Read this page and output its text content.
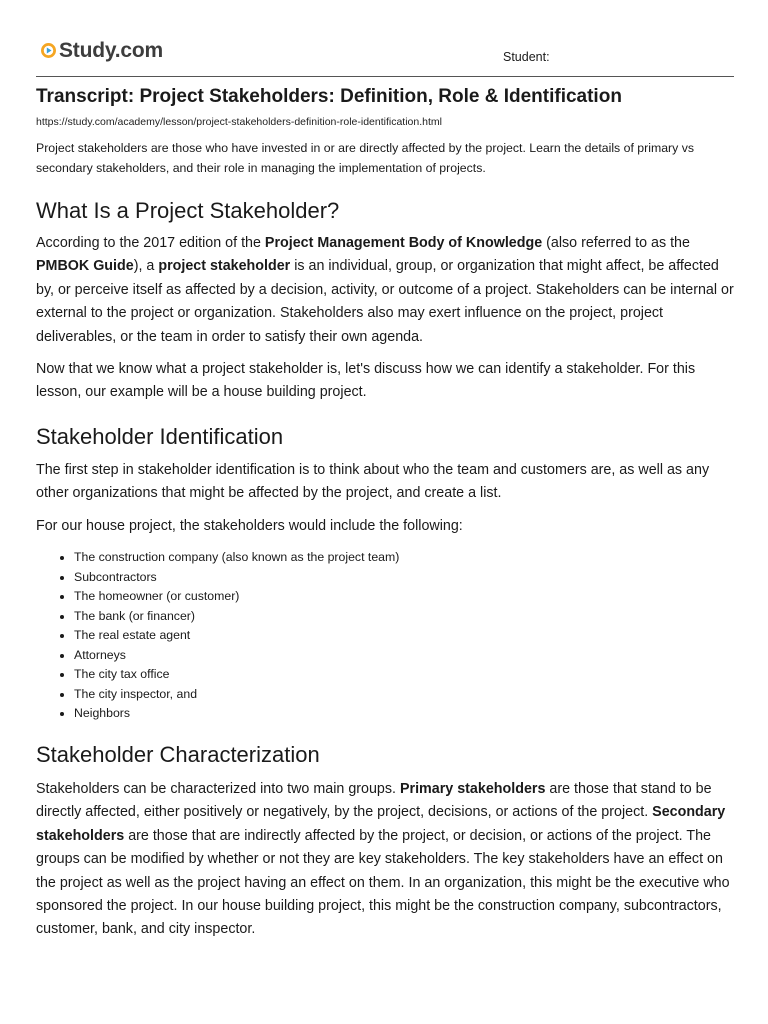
Study.com	Student:
Transcript: Project Stakeholders: Definition, Role & Identification
https://study.com/academy/lesson/project-stakeholders-definition-role-identification.html
Project stakeholders are those who have invested in or are directly affected by the project. Learn the details of primary vs secondary stakeholders, and their role in managing the implementation of projects.
What Is a Project Stakeholder?
According to the 2017 edition of the Project Management Body of Knowledge (also referred to as the PMBOK Guide), a project stakeholder is an individual, group, or organization that might affect, be affected by, or perceive itself as affected by a decision, activity, or outcome of a project. Stakeholders can be internal or external to the project or organization. Stakeholders also may exert influence on the project, project deliverables, or the team in order to satisfy their own agenda.
Now that we know what a project stakeholder is, let's discuss how we can identify a stakeholder. For this lesson, our example will be a house building project.
Stakeholder Identification
The first step in stakeholder identification is to think about who the team and customers are, as well as any other organizations that might be affected by the project, and create a list.
For our house project, the stakeholders would include the following:
• The construction company (also known as the project team)
• Subcontractors
• The homeowner (or customer)
• The bank (or financer)
• The real estate agent
• Attorneys
• The city tax office
• The city inspector, and
• Neighbors
Stakeholder Characterization
Stakeholders can be characterized into two main groups. Primary stakeholders are those that stand to be directly affected, either positively or negatively, by the project, decisions, or actions of the project. Secondary stakeholders are those that are indirectly affected by the project, or decision, or actions of the project. The groups can be modified by whether or not they are key stakeholders. The key stakeholders have an effect on the project as well as the project having an effect on them. In an organization, this might be the executive who sponsored the project. In our house building project, this might be the construction company, subcontractors, customer, bank, and city inspector.
